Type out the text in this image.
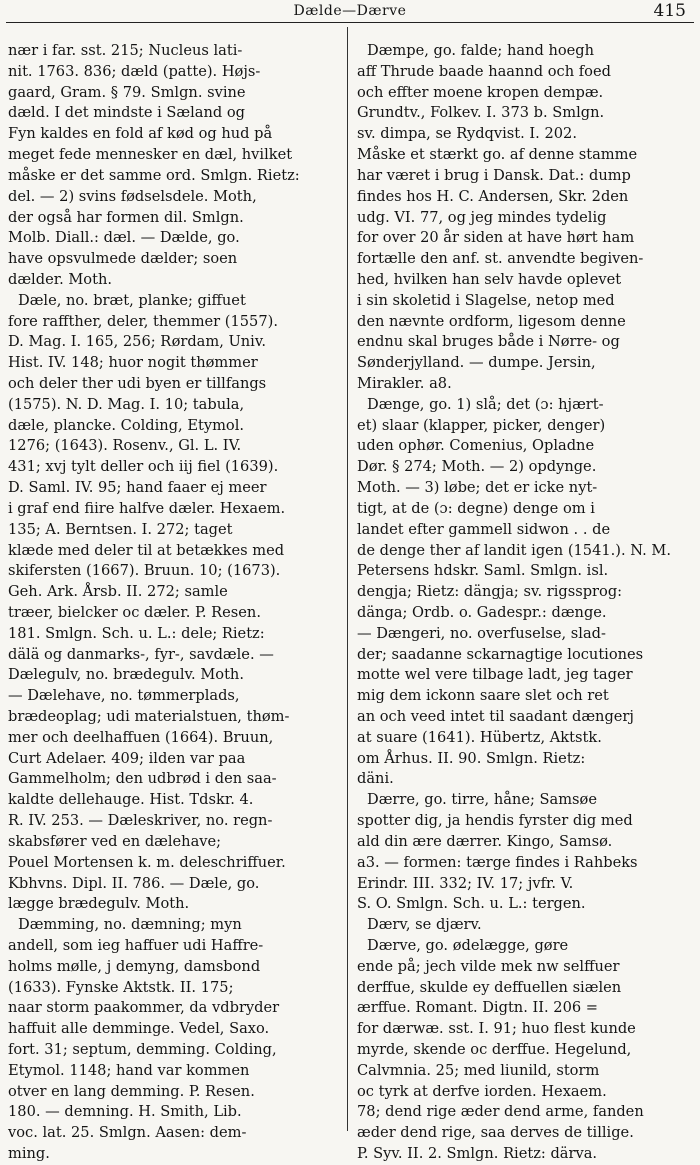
Dælde—Dærve	415
nær i far. sst. 215; Nucleus lati-
nit. 1763. 836; dæld (patte). Højs-
gaard, Gram. § 79. Smlgn. svine
dæld. I det mindste i Sæland og
Fyn kaldes en fold af kød og hud på
meget fede mennesker en dæl, hvilket
måske er det samme ord. Smlgn. Rietz:
del. — 2) svins fødselsdele. Moth,
der også har formen dil. Smlgn.
Molb. Diall.: dæl. — Dælde, go.
have opsvulmede dælder; soen
dælder. Moth.
Dæle, no. bræt, planke; giffuet
fore raffther, deler, themmer (1557).
D. Mag. I. 165, 256; Rørdam, Univ.
Hist. IV. 148; huor nogit thømmer
och deler ther udi byen er tillfangs
(1575). N. D. Mag. I. 10; tabula,
dæle, plancke. Colding, Etymol.
1276; (1643). Rosenv., Gl. L. IV.
431; xvj tylt deller och iij fiel (1639).
D. Saml. IV. 95; hand faaer ej meer
i graf end fiire halfve dæler. Hexaem.
135; A. Berntsen. I. 272; taget
klæde med deler til at betækkes med
skifersten (1667). Bruun. 10; (1673).
Geh. Ark. Årsb. II. 272; samle
træer, bielcker oc dæler. P. Resen.
181. Smlgn. Sch. u. L.: dele; Rietz:
dälä og danmarks-, fyr-, savdæle. —
Dælegulv, no. brædegulv. Moth.
— Dælehave, no. tømmerplads,
brædeoplag; udi materialstuen, thøm-
mer och deelhaffuen (1664). Bruun,
Curt Adelaer. 409; ilden var paa
Gammelholm; den udbrød i den saa-
kaldte dellehauge. Hist. Tdskr. 4.
R. IV. 253. — Dæleskriver, no. regn-
skabsfører ved en dælehave;
Pouel Mortensen k. m. deleschriffuer.
Kbhvns. Dipl. II. 786. — Dæle, go.
lægge brædegulv. Moth.
Dæmming, no. dæmning; myn
andell, som ieg haffuer udi Haffre-
holms mølle, j demyng, damsbond
(1633). Fynske Aktstk. II. 175;
naar storm paakommer, da vdbryder
haffuit alle demminge. Vedel, Saxo.
fort. 31; septum, demming. Colding,
Etymol. 1148; hand var kommen
otver en lang demming. P. Resen.
180. — demning. H. Smith, Lib.
voc. lat. 25. Smlgn. Aasen: dem-
ming.
Dæmpe, go. falde; hand hoegh
aff Thrude baade haannd och foed
och effter moene kropen dempæ.
Grundtv., Folkev. I. 373 b. Smlgn.
sv. dimpa, se Rydqvist. I. 202.
Måske et stærkt go. af denne stamme
har været i brug i Dansk. Dat.: dump
findes hos H. C. Andersen, Skr. 2den
udg. VI. 77, og jeg mindes tydelig
for over 20 år siden at have hørt ham
fortælle den anf. st. anvendte begiven-
hed, hvilken han selv havde oplevet
i sin skoletid i Slagelse, netop med
den nævnte ordform, ligesom denne
endnu skal bruges både i Nørre- og
Sønderjylland. — dumpe. Jersin,
Mirakler. a8.
Dænge, go. 1) slå; det (ɔ: hjært-
et) slaar (klapper, picker, denger)
uden ophør. Comenius, Opladne
Dør. § 274; Moth. — 2) opdynge.
Moth. — 3) løbe; det er icke nyt-
tigt, at de (ɔ: degne) denge om i
landet efter gammell sidwon . . de
de denge ther af landit igen (1541.). N. M.
Petersens hdskr. Saml. Smlgn. isl.
dengja; Rietz: dängja; sv. rigssprog:
dänga; Ordb. o. Gadespr.: dænge.
— Dængeri, no. overfuselse, slad-
der; saadanne sckarnagtige locutiones
motte wel vere tilbage ladt, jeg tager
mig dem ickonn saare slet och ret
an och veed intet til saadant dængerj
at suare (1641). Hübertz, Aktstk.
om Århus. II. 90. Smlgn. Rietz:
däni.
Dærre, go. tirre, håne; Samsøe
spotter dig, ja hendis fyrster dig med
ald din ære dærrer. Kingo, Samsø.
a3. — formen: tærge findes i Rahbeks
Erindr. III. 332; IV. 17; jvfr. V.
S. O. Smlgn. Sch. u. L.: tergen.
Dærv, se djærv.
Dærve, go. ødelægge, gøre
ende på; jech vilde mek nw selffuer
derffue, skulde ey deffuellen siælen
ærffue. Romant. Digtn. II. 206 =
for dærwæ. sst. I. 91; huo flest kunde
myrde, skende oc derffue. Hegelund,
Calvmnia. 25; med liunild, storm
oc tyrk at derfve iorden. Hexaem.
78; dend rige æder dend arme, fanden
æder dend rige, saa derves de tillige.
P. Syv. II. 2. Smlgn. Rietz: därva.
